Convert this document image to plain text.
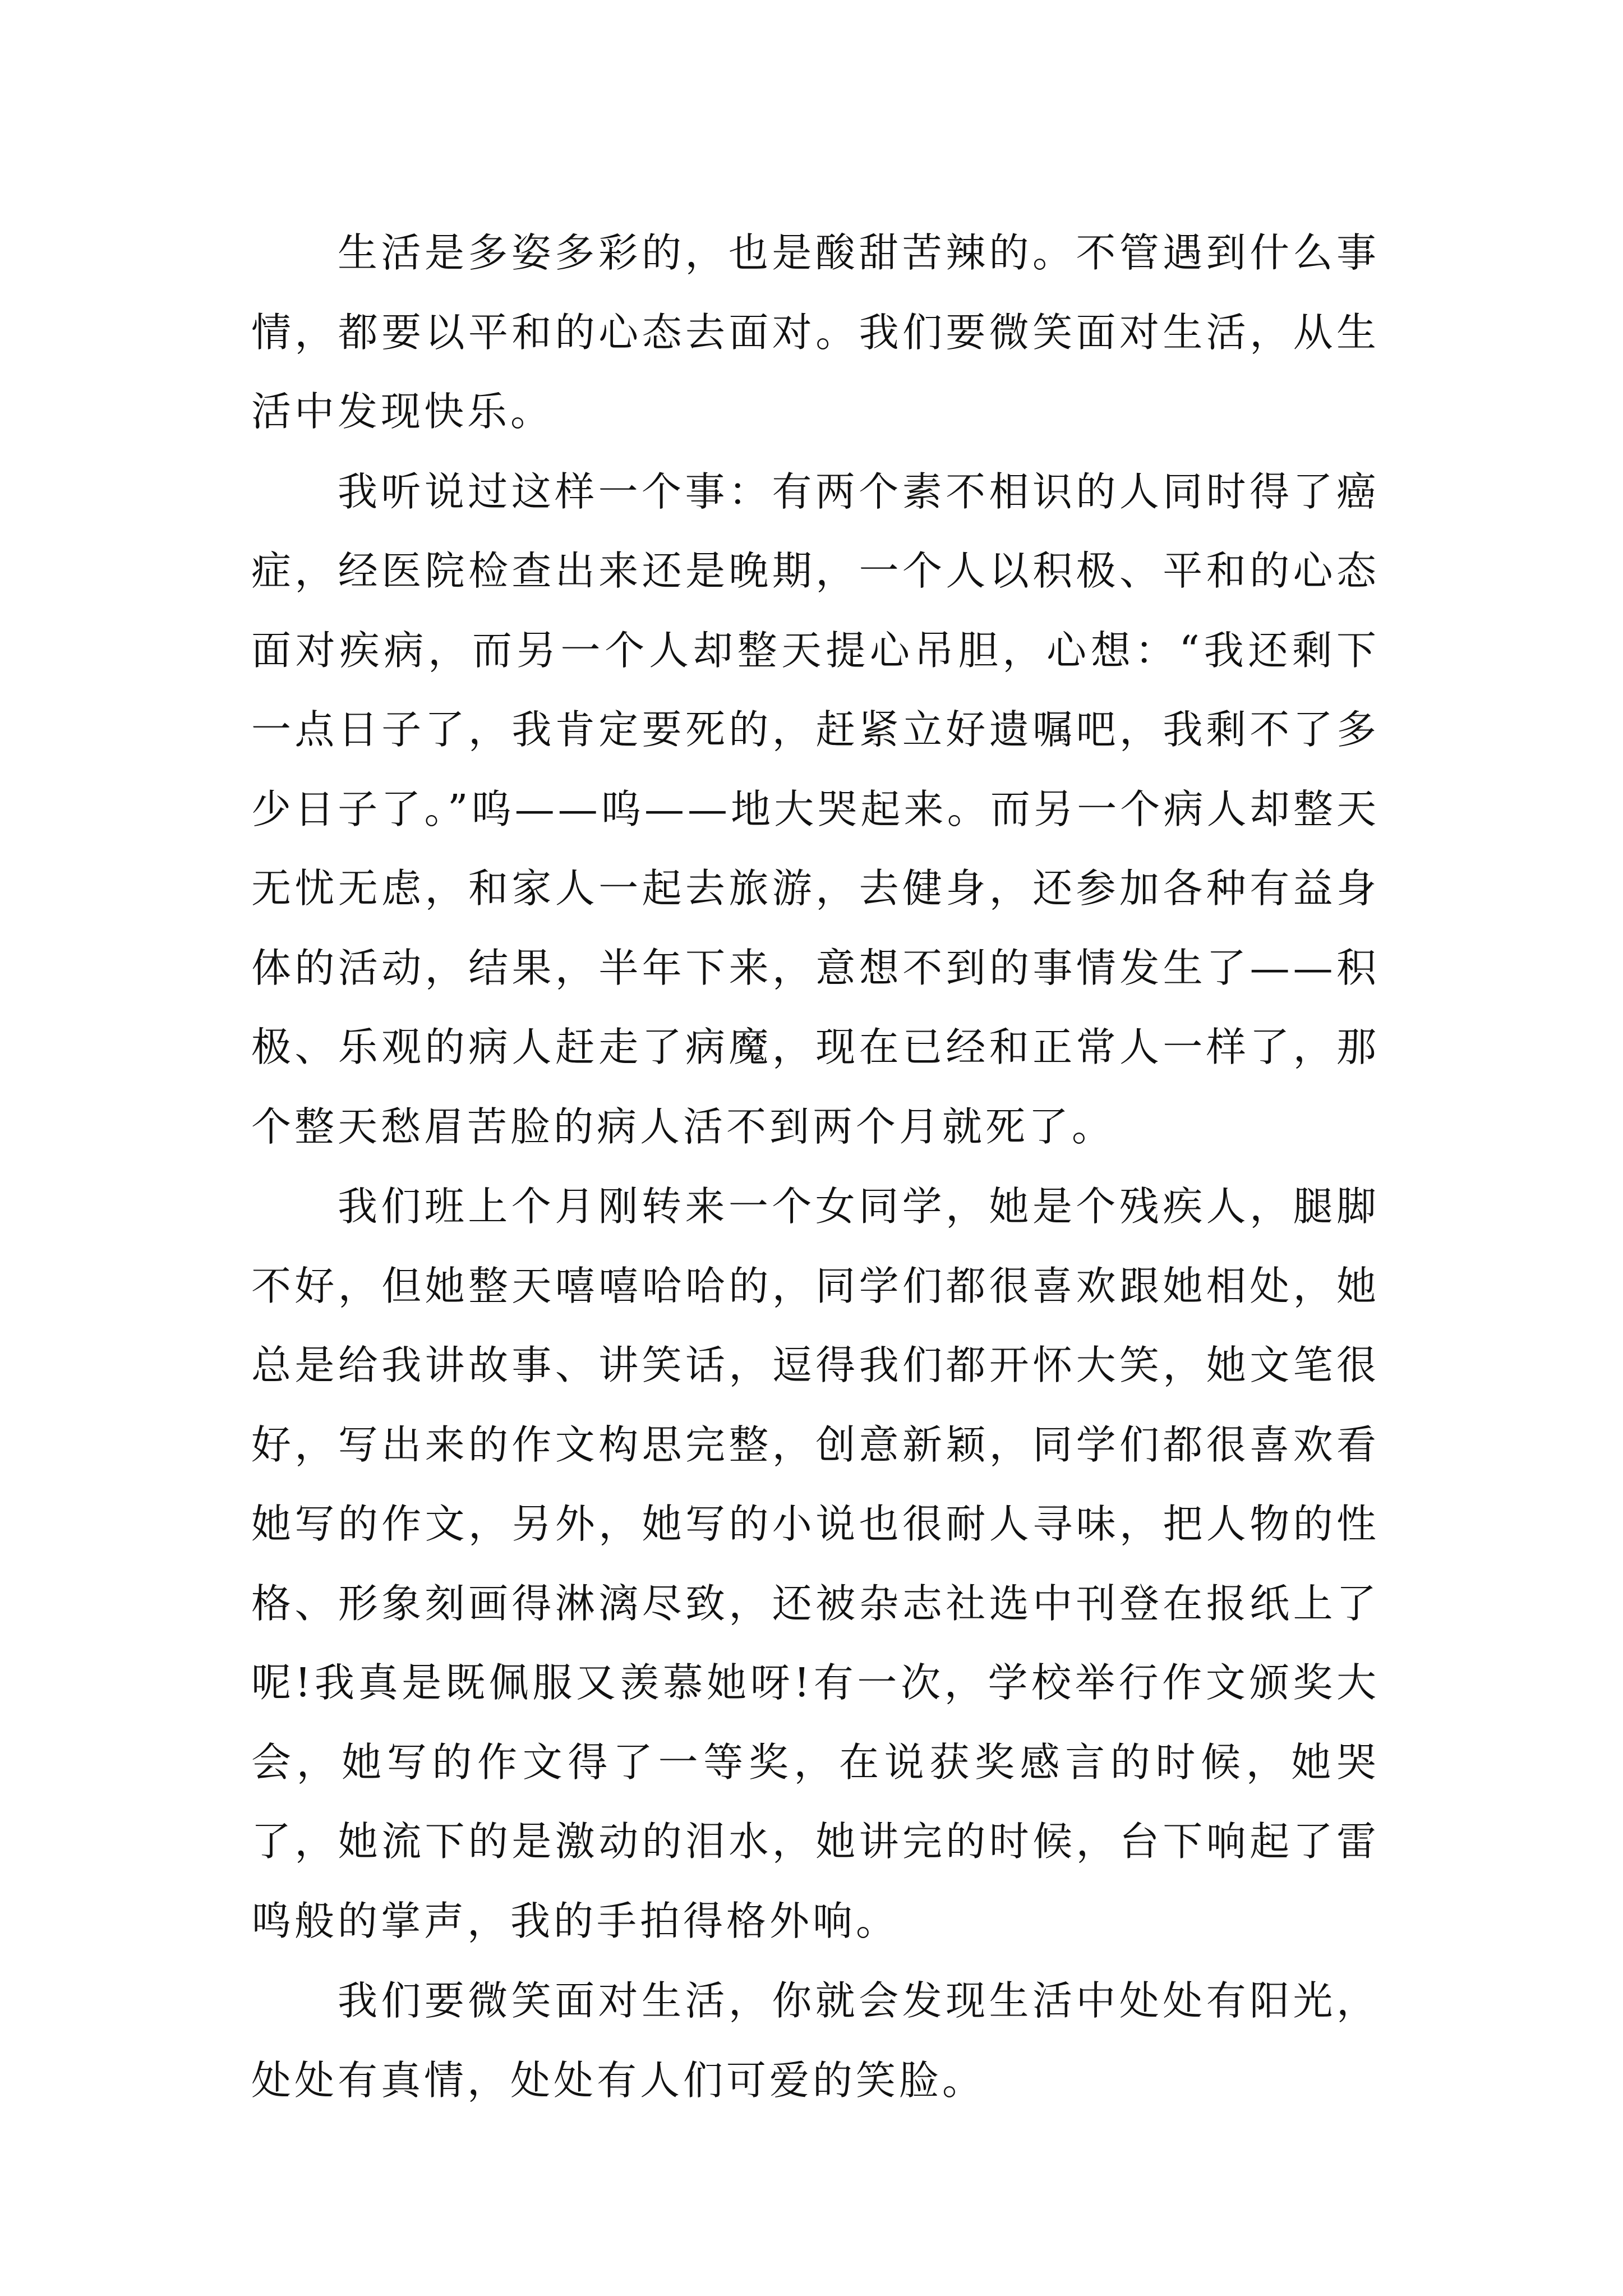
生活是多姿多彩的，也是酸甜苦辣的。不管遇到什么事情，都要以平和的心态去面对。我们要微笑面对生活，从生活中发现快乐。

我听说过这样一个事：有两个素不相识的人同时得了癌症，经医院检查出来还是晚期，一个人以积极、平和的心态面对疾病，而另一个人却整天提心吊胆，心想：“我还剩下一点日子了，我肯定要死的，赶紧立好遗嘱吧，我剩不了多少日子了。”呜——呜——地大哭起来。而另一个病人却整天无忧无虑，和家人一起去旅游，去健身，还参加各种有益身体的活动，结果，半年下来，意想不到的事情发生了——积极、乐观的病人赶走了病魔，现在已经和正常人一样了，那个整天愁眉苦脸的病人活不到两个月就死了。

我们班上个月刚转来一个女同学，她是个残疾人，腿脚不好，但她整天嘻嘻哈哈的，同学们都很喜欢跟她相处，她总是给我讲故事、讲笑话，逗得我们都开怀大笑，她文笔很好，写出来的作文构思完整，创意新颖，同学们都很喜欢看她写的作文，另外，她写的小说也很耐人寻味，把人物的性格、形象刻画得淋漓尽致，还被杂志社选中刊登在报纸上了呢!我真是既佩服又羡慕她呀!有一次，学校举行作文颁奖大会，她写的作文得了一等奖，在说获奖感言的时候，她哭了，她流下的是激动的泪水，她讲完的时候，台下响起了雷鸣般的掌声，我的手拍得格外响。

我们要微笑面对生活，你就会发现生活中处处有阳光，处处有真情，处处有人们可爱的笑脸。
